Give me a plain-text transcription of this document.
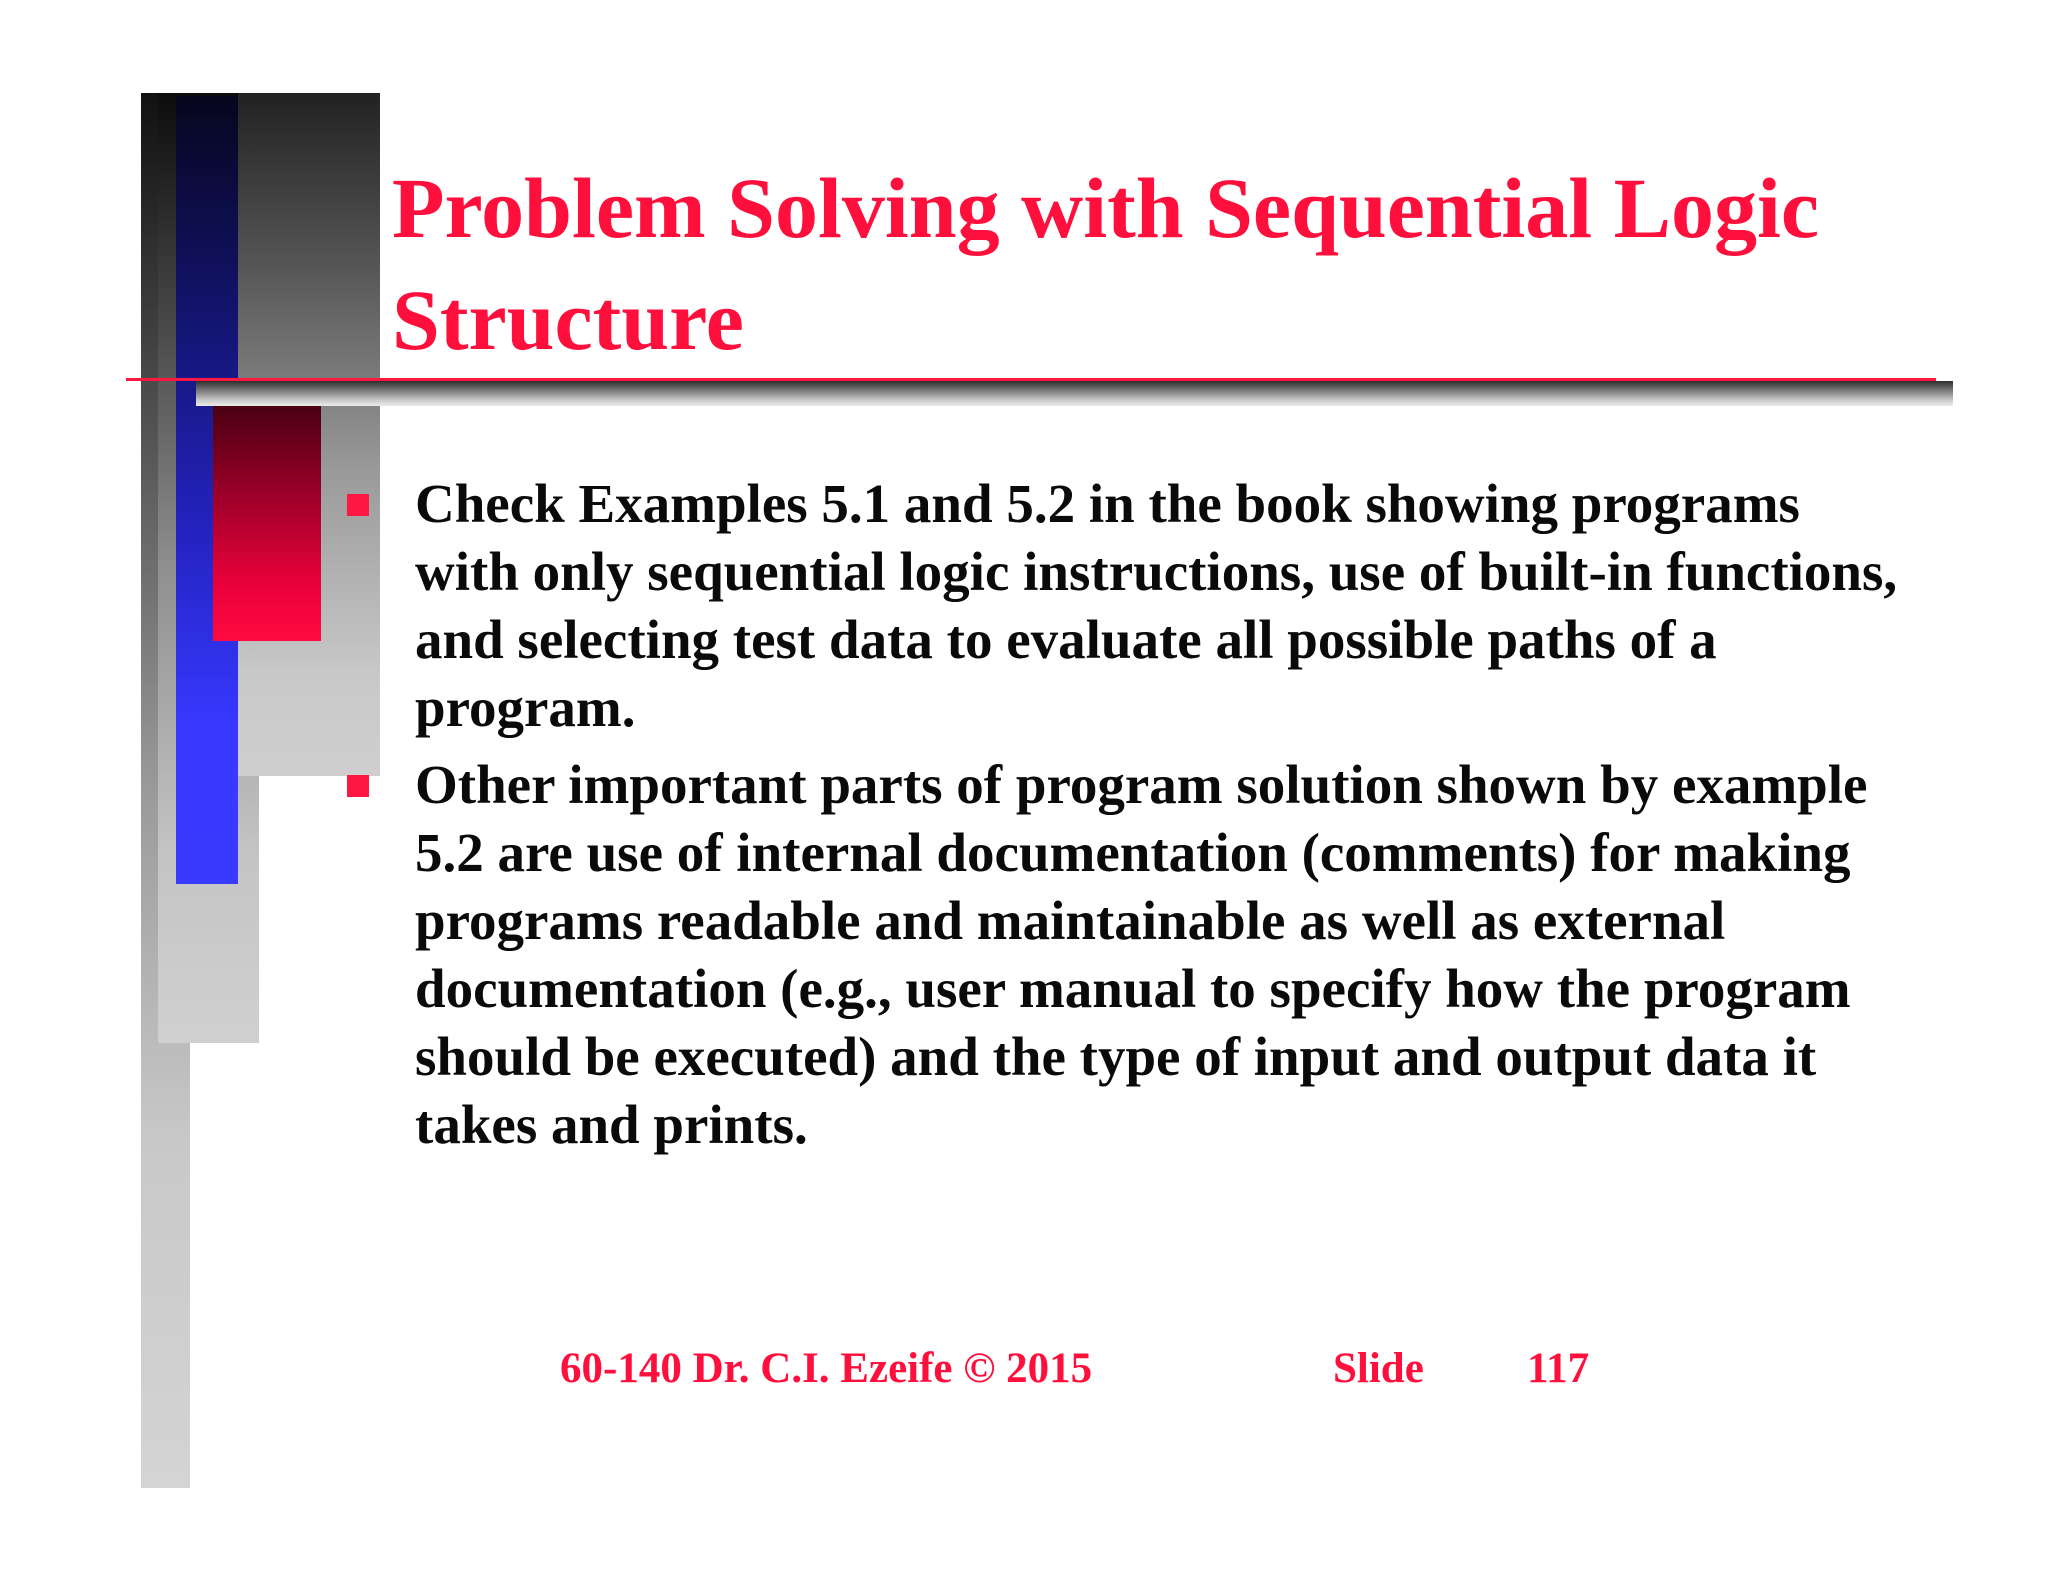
Problem Solving with Sequential Logic Structure
Check Examples 5.1 and 5.2 in the book showing programs with only sequential logic instructions, use of built-in functions, and selecting test data to evaluate all possible paths of a program.
Other important parts of program solution shown by example 5.2 are use of internal documentation (comments) for making programs readable and maintainable as well as external documentation (e.g., user manual to specify how the program should be executed) and the type of input and output data it takes and prints.
60-140 Dr. C.I. Ezeife © 2015	Slide 117
